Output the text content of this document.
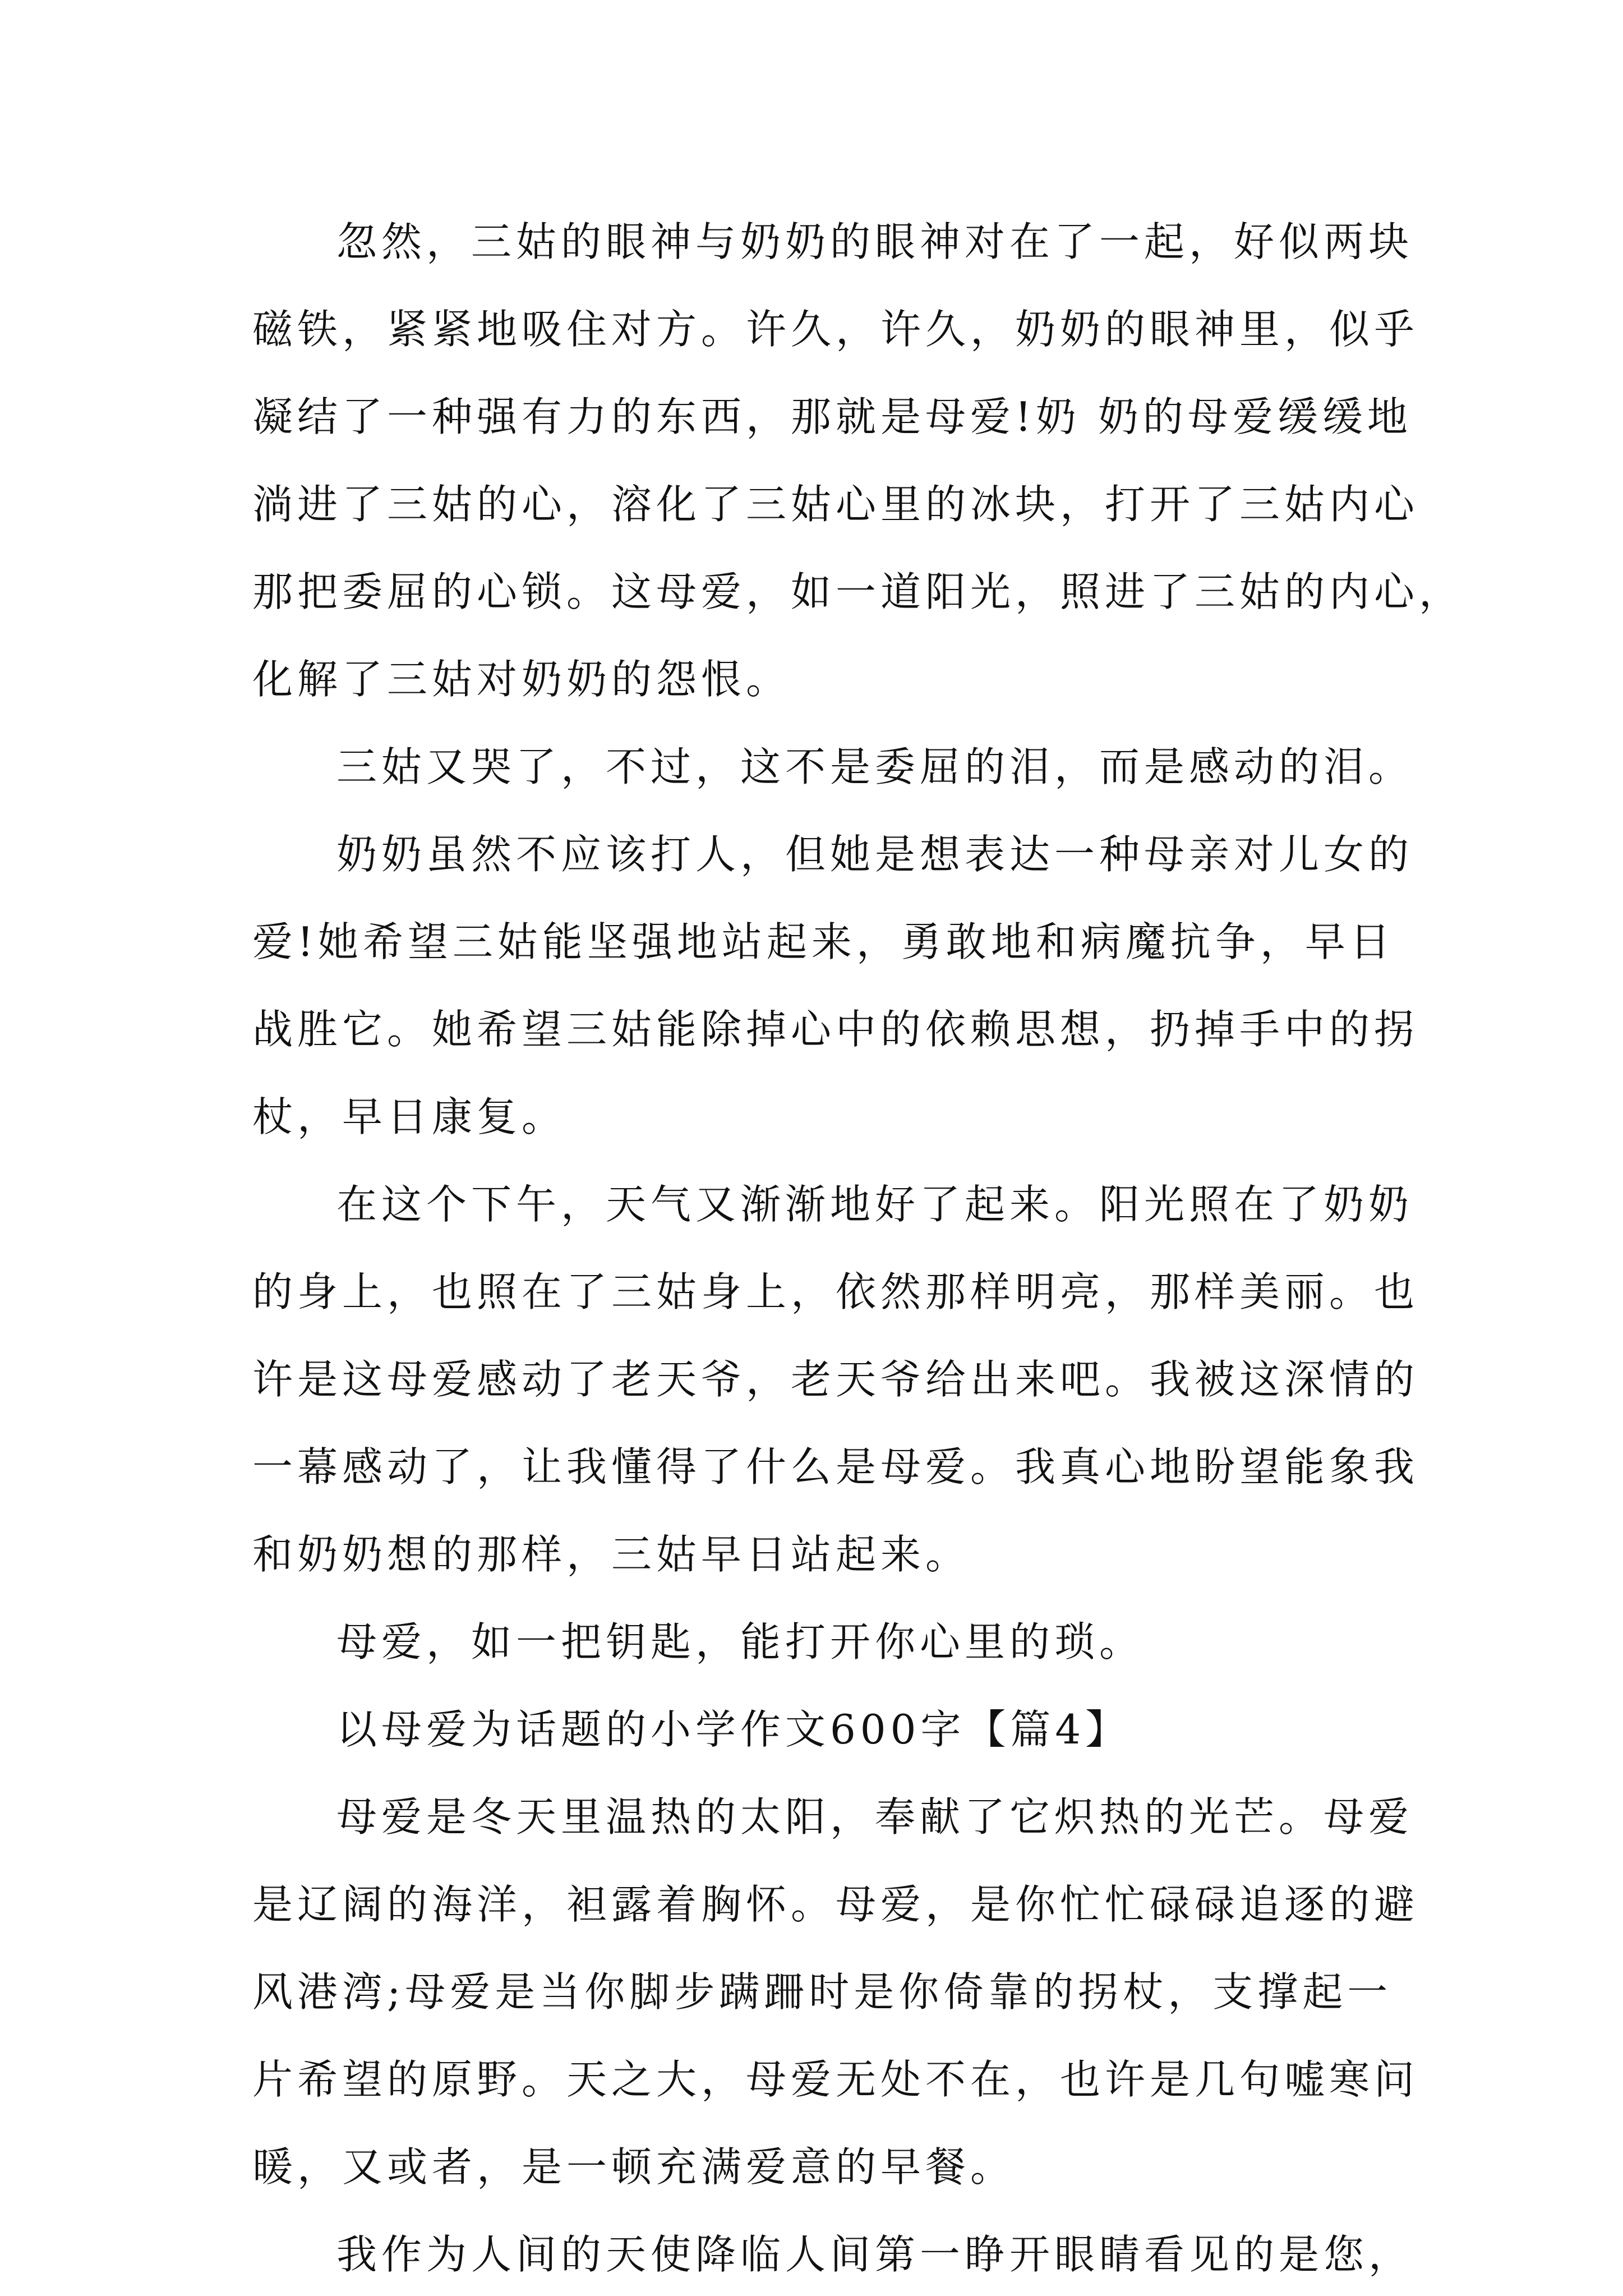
忽然，三姑的眼神与奶奶的眼神对在了一起，好似两块
磁铁，紧紧地吸住对方。许久，许久，奶奶的眼神里，似乎
凝结了一种强有力的东西，那就是母爱!奶 奶的母爱缓缓地
淌进了三姑的心，溶化了三姑心里的冰块，打开了三姑内心
那把委屈的心锁。这母爱，如一道阳光，照进了三姑的内心，
化解了三姑对奶奶的怨恨。
三姑又哭了，不过，这不是委屈的泪，而是感动的泪。
奶奶虽然不应该打人，但她是想表达一种母亲对儿女的
爱!她希望三姑能坚强地站起来，勇敢地和病魔抗争，早日
战胜它。她希望三姑能除掉心中的依赖思想，扔掉手中的拐
杖，早日康复。
在这个下午，天气又渐渐地好了起来。阳光照在了奶奶
的身上，也照在了三姑身上，依然那样明亮，那样美丽。也
许是这母爱感动了老天爷，老天爷给出来吧。我被这深情的
一幕感动了，让我懂得了什么是母爱。我真心地盼望能象我
和奶奶想的那样，三姑早日站起来。
母爱，如一把钥匙，能打开你心里的琐。
以母爱为话题的小学作文600字【篇4】
母爱是冬天里温热的太阳，奉献了它炽热的光芒。母爱
是辽阔的海洋，袒露着胸怀。母爱，是你忙忙碌碌追逐的避
风港湾;母爱是当你脚步蹒跚时是你倚靠的拐杖，支撑起一
片希望的原野。天之大，母爱无处不在，也许是几句嘘寒问
暖，又或者，是一顿充满爱意的早餐。
我作为人间的天使降临人间第一睁开眼睛看见的是您，
